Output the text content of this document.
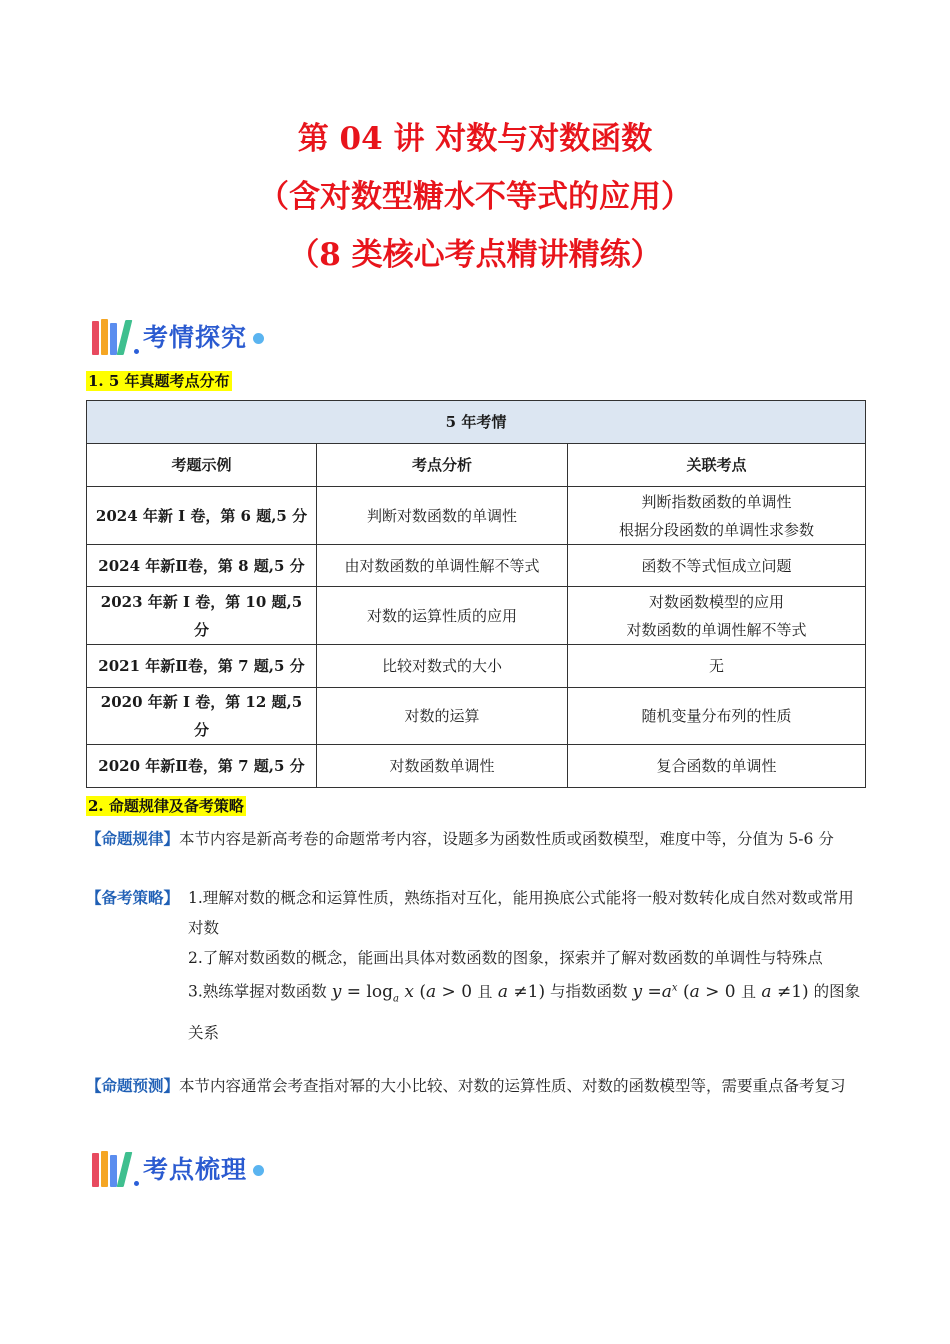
第 04 讲 对数与对数函数
（含对数型糖水不等式的应用）
（8 类核心考点精讲精练）
考情探究
1. 5 年真题考点分布
5 年考情		
考题示例	考点分析	关联考点
2024 年新 I 卷，第 6 题,5 分	判断对数函数的单调性	判断指数函数的单调性
根据分段函数的单调性求参数

2024 年新Ⅱ卷，第 8 题,5 分	由对数函数的单调性解不等式	函数不等式恒成立问题
2023 年新 I 卷，第 10 题,5 分	对数的运算性质的应用	对数函数模型的应用
对数函数的单调性解不等式

2021 年新Ⅱ卷，第 7 题,5 分	比较对数式的大小	无
2020 年新 I 卷，第 12 题,5 分	对数的运算	随机变量分布列的性质
2020 年新Ⅱ卷，第 7 题,5 分	对数函数单调性	复合函数的单调性
2. 命题规律及备考策略
【命题规律】本节内容是新高考卷的命题常考内容，设题多为函数性质或函数模型，难度中等，分值为 5-6 分
【备考策略】 1.理解对数的概念和运算性质，熟练指对互化，能用换底公式能将一般对数转化成自然对数或常用对数
2.了解对数函数的概念，能画出具体对数函数的图象，探索并了解对数函数的单调性与特殊点
3.熟练掌握对数函数 $y = \log_a x$ (a > 0 且 a ≠1) 与指数函数 $y =a^x$ (a > 0 且 a ≠1) 的图象关系
【命题预测】本节内容通常会考查指对幂的大小比较、对数的运算性质、对数的函数模型等，需要重点备考复习
考点梳理
